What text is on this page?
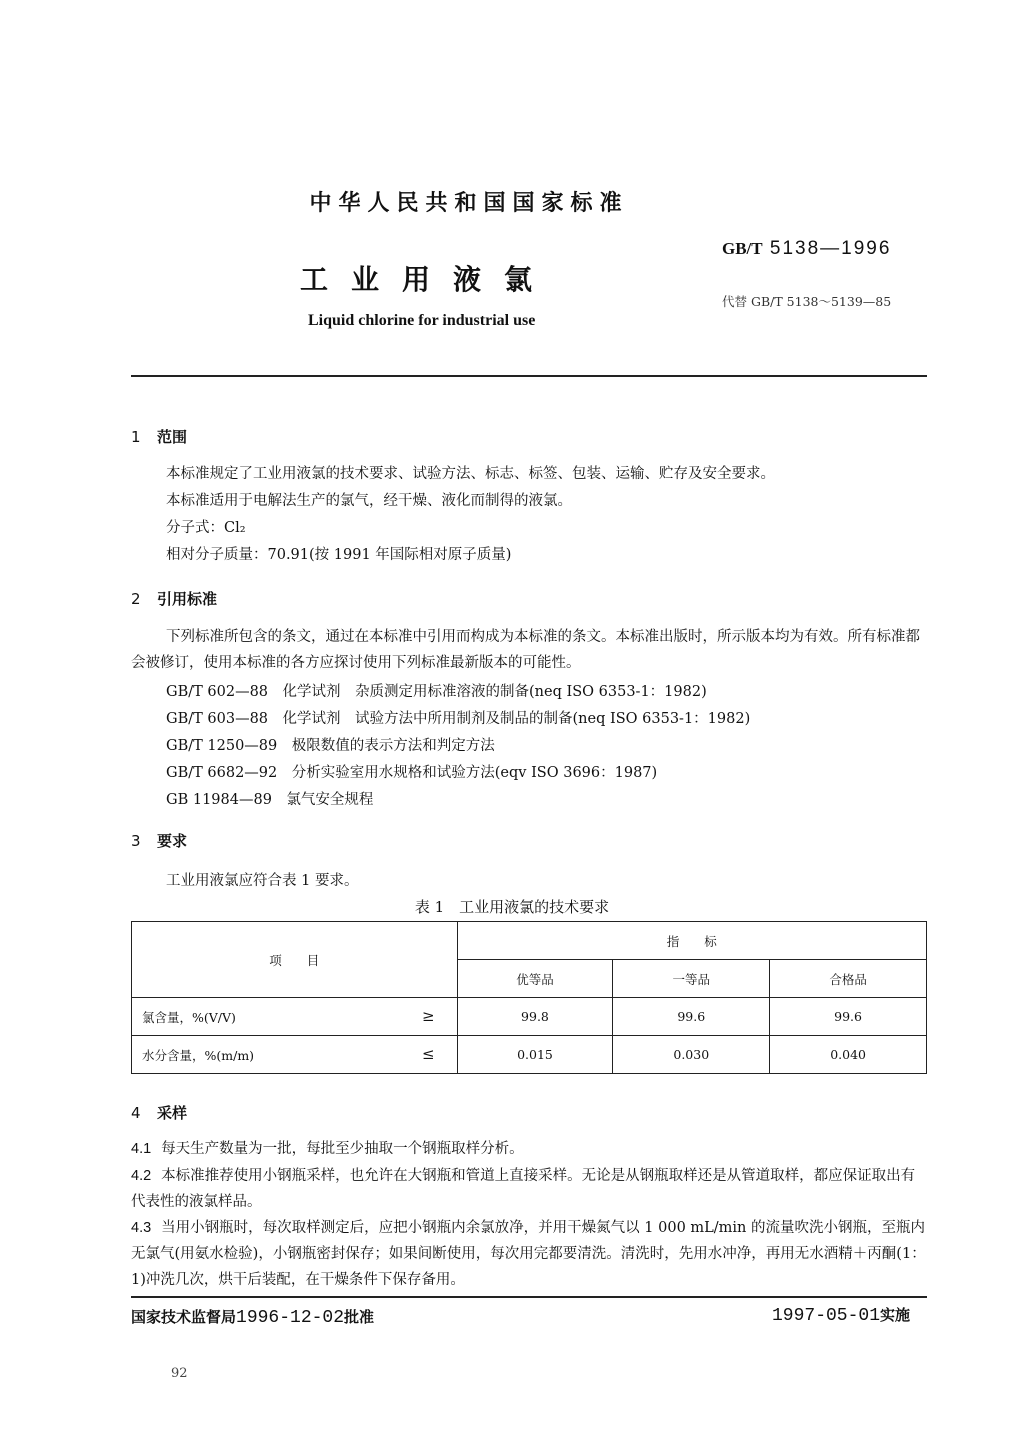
中华人民共和国国家标准
工业用液氯
Liquid chlorine for industrial use
GB/T 5138—1996
代替 GB/T 5138～5139—85
1 范围
本标准规定了工业用液氯的技术要求、试验方法、标志、标签、包装、运输、贮存及安全要求。
本标准适用于电解法生产的氯气，经干燥、液化而制得的液氯。
分子式：Cl₂
相对分子质量：70.91(按 1991 年国际相对原子质量)
2 引用标准
下列标准所包含的条文，通过在本标准中引用而构成为本标准的条文。本标准出版时，所示版本均为有效。所有标准都会被修订，使用本标准的各方应探讨使用下列标准最新版本的可能性。
GB/T 602—88　化学试剂　杂质测定用标准溶液的制备(neq ISO 6353-1：1982)
GB/T 603—88　化学试剂　试验方法中所用制剂及制品的制备(neq ISO 6353-1：1982)
GB/T 1250—89　极限数值的表示方法和判定方法
GB/T 6682—92　分析实验室用水规格和试验方法(eqv ISO 3696：1987)
GB 11984—89　氯气安全规程
3 要求
工业用液氯应符合表 1 要求。
表 1　工业用液氯的技术要求
项　　目	指　　标		
	优等品	一等品	合格品
氯含量，%(V/V) ≥	99.8	99.6	99.6
水分含量，%(m/m) ≤	0.015	0.030	0.040
4 采样
4.1 每天生产数量为一批，每批至少抽取一个钢瓶取样分析。
4.2 本标准推荐使用小钢瓶采样，也允许在大钢瓶和管道上直接采样。无论是从钢瓶取样还是从管道取样，都应保证取出有代表性的液氯样品。
4.3 当用小钢瓶时，每次取样测定后，应把小钢瓶内余氯放净，并用干燥氮气以 1 000 mL/min 的流量吹洗小钢瓶，至瓶内无氯气(用氨水检验)，小钢瓶密封保存；如果间断使用，每次用完都要清洗。清洗时，先用水冲净，再用无水酒精＋丙酮(1：1)冲洗几次，烘干后装配，在干燥条件下保存备用。
国家技术监督局1996-12-02批准	1997-05-01实施
92
